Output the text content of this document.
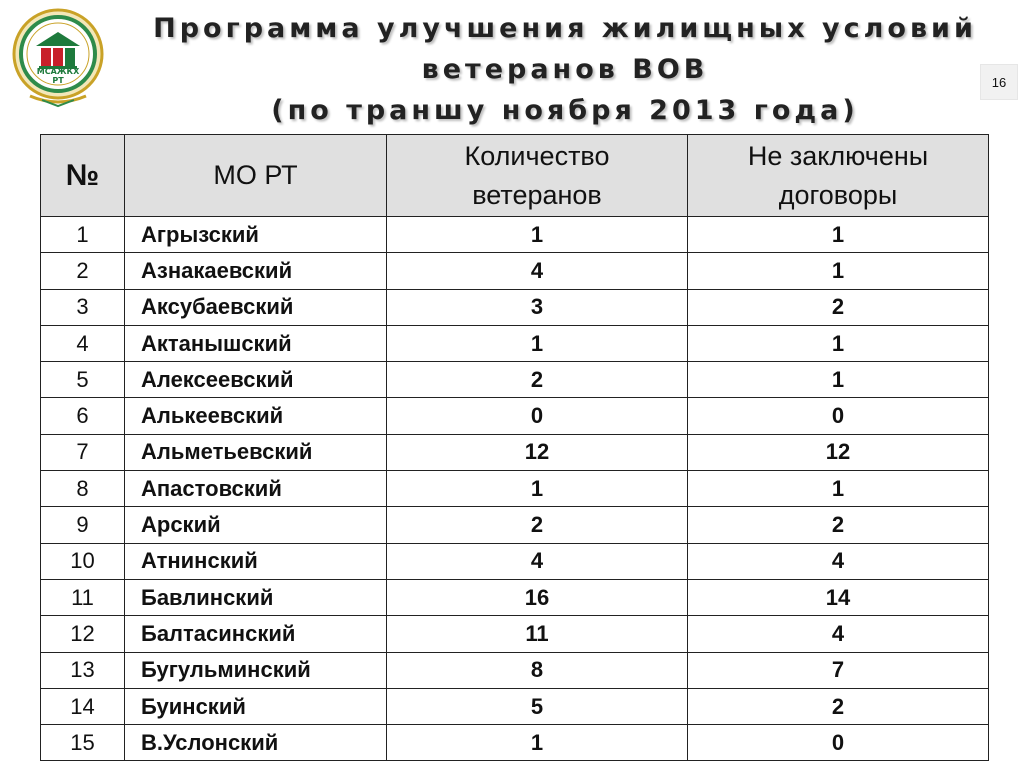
МСАЖКХ РТ
Программа улучшения жилищных условий
ветеранов ВОВ
(по траншу ноября 2013 года)
16
№	МО РТ	Количество ветеранов	Не заключены договоры
1	Агрызский	1	1
2	Азнакаевский	4	1
3	Аксубаевский	3	2
4	Актанышский	1	1
5	Алексеевский	2	1
6	Алькеевский	0	0
7	Альметьевский	12	12
8	Апастовский	1	1
9	Арский	2	2
10	Атнинский	4	4
11	Бавлинский	16	14
12	Балтасинский	11	4
13	Бугульминский	8	7
14	Буинский	5	2
15	В.Услонский	1	0
